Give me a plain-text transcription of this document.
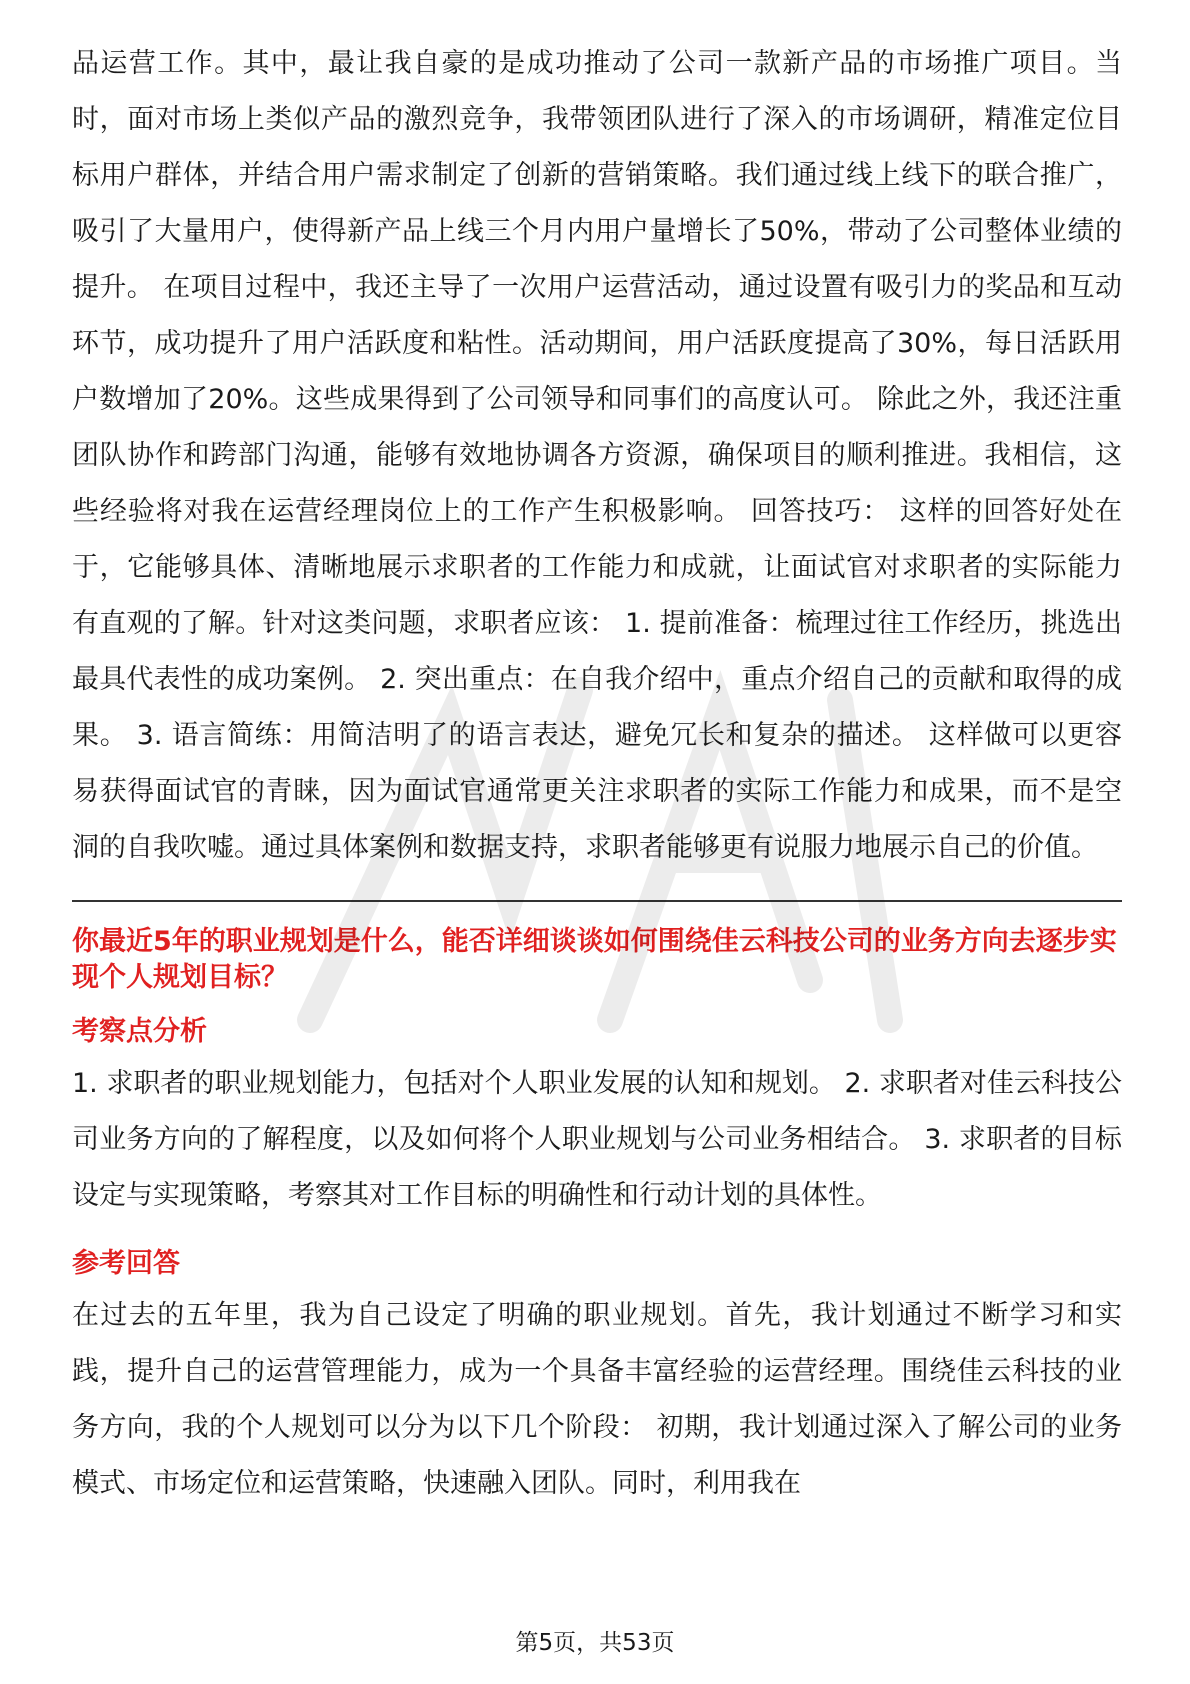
品运营工作。其中，最让我自豪的是成功推动了公司一款新产品的市场推广项目。当时，面对市场上类似产品的激烈竞争，我带领团队进行了深入的市场调研，精准定位目标用户群体，并结合用户需求制定了创新的营销策略。我们通过线上线下的联合推广，吸引了大量用户，使得新产品上线三个月内用户量增长了50%，带动了公司整体业绩的提升。 在项目过程中，我还主导了一次用户运营活动，通过设置有吸引力的奖品和互动环节，成功提升了用户活跃度和粘性。活动期间，用户活跃度提高了30%，每日活跃用户数增加了20%。这些成果得到了公司领导和同事们的高度认可。 除此之外，我还注重团队协作和跨部门沟通，能够有效地协调各方资源，确保项目的顺利推进。我相信，这些经验将对我在运营经理岗位上的工作产生积极影响。 回答技巧： 这样的回答好处在于，它能够具体、清晰地展示求职者的工作能力和成就，让面试官对求职者的实际能力有直观的了解。针对这类问题，求职者应该： 1. 提前准备：梳理过往工作经历，挑选出最具代表性的成功案例。 2. 突出重点：在自我介绍中，重点介绍自己的贡献和取得的成果。 3. 语言简练：用简洁明了的语言表达，避免冗长和复杂的描述。 这样做可以更容易获得面试官的青睐，因为面试官通常更关注求职者的实际工作能力和成果，而不是空洞的自我吹嘘。通过具体案例和数据支持，求职者能够更有说服力地展示自己的价值。

你最近5年的职业规划是什么，能否详细谈谈如何围绕佳云科技公司的业务方向去逐步实现个人规划目标？

考察点分析

1. 求职者的职业规划能力，包括对个人职业发展的认知和规划。 2. 求职者对佳云科技公司业务方向的了解程度，以及如何将个人职业规划与公司业务相结合。 3. 求职者的目标设定与实现策略，考察其对工作目标的明确性和行动计划的具体性。

参考回答

在过去的五年里，我为自己设定了明确的职业规划。首先，我计划通过不断学习和实践，提升自己的运营管理能力，成为一个具备丰富经验的运营经理。围绕佳云科技的业务方向，我的个人规划可以分为以下几个阶段： 初期，我计划通过深入了解公司的业务模式、市场定位和运营策略，快速融入团队。同时，利用我在

第5页，共53页
